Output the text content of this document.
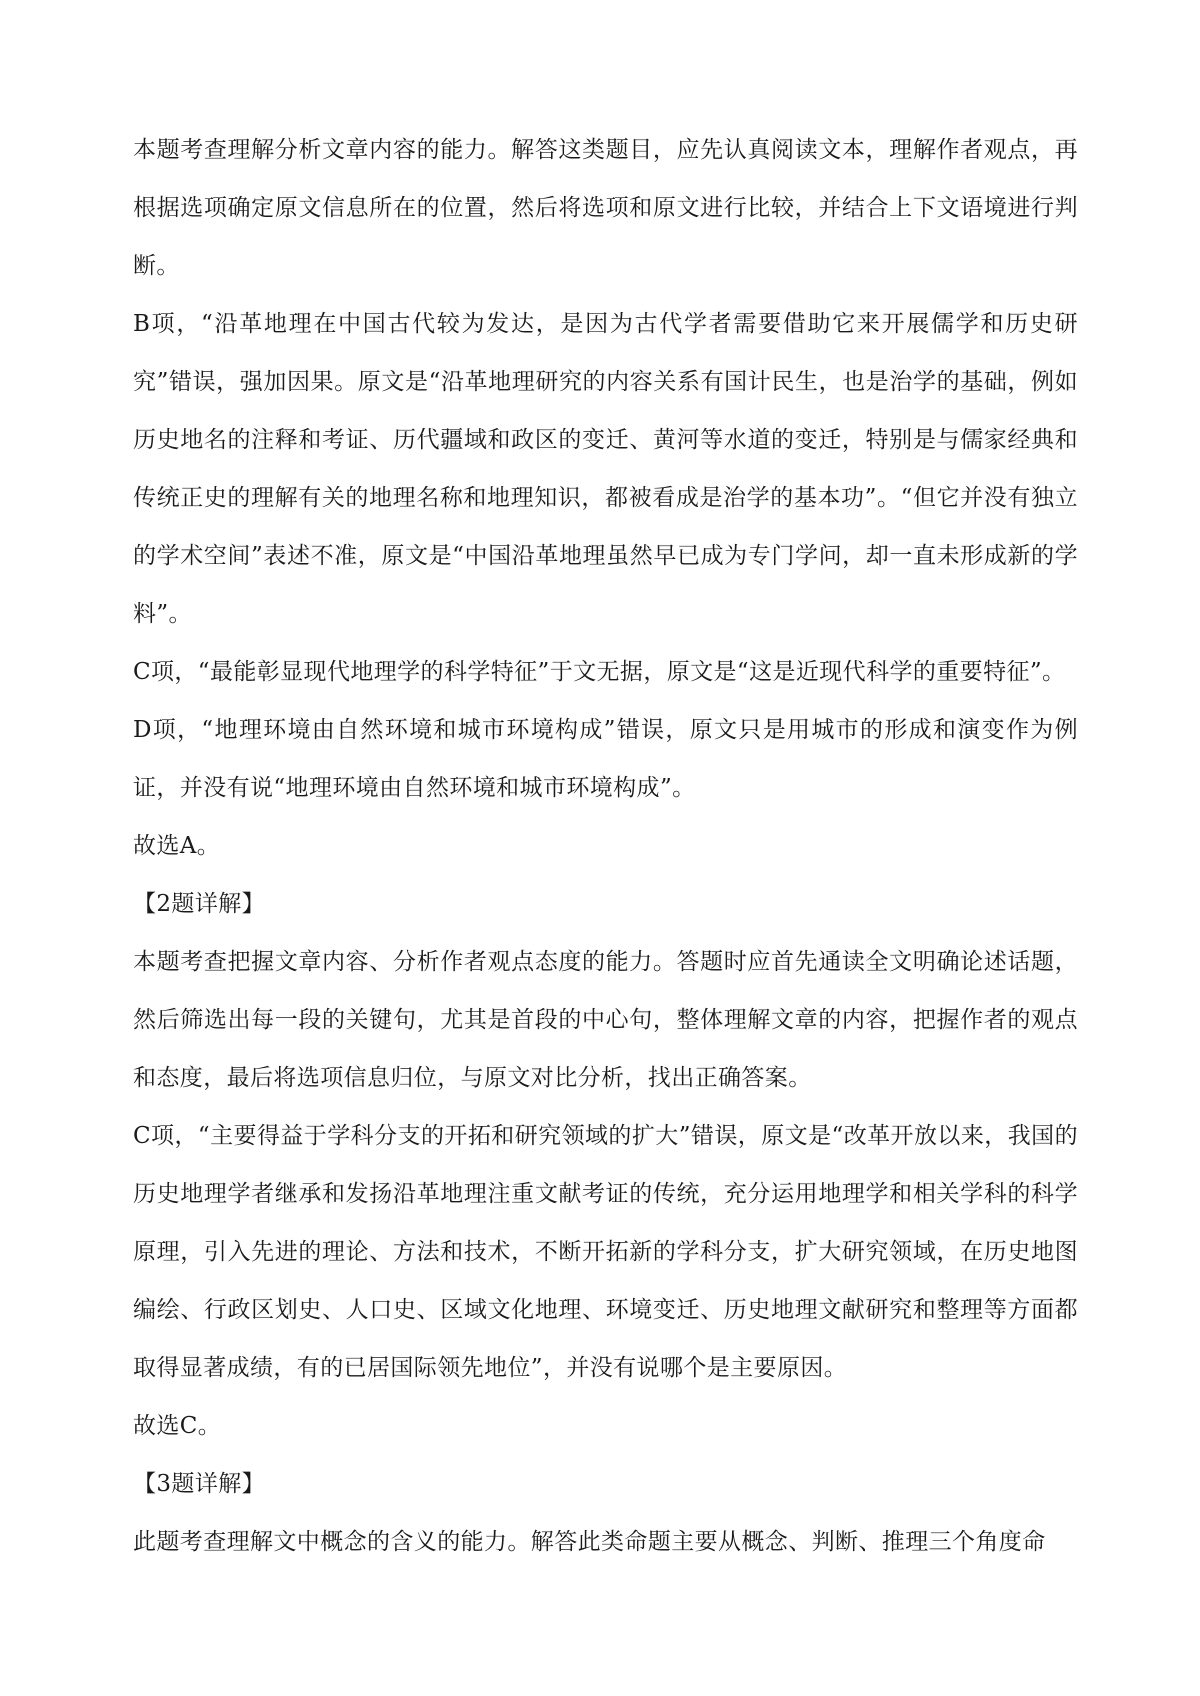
本题考查理解分析文章内容的能力。解答这类题目，应先认真阅读文本，理解作者观点，再根据选项确定原文信息所在的位置，然后将选项和原文进行比较，并结合上下文语境进行判断。

B项，“沿革地理在中国古代较为发达，是因为古代学者需要借助它来开展儒学和历史研究”错误，强加因果。原文是“沿革地理研究的内容关系有国计民生，也是治学的基础，例如历史地名的注释和考证、历代疆域和政区的变迁、黄河等水道的变迁，特别是与儒家经典和传统正史的理解有关的地理名称和地理知识，都被看成是治学的基本功”。“但它并没有独立的学术空间”表述不准，原文是“中国沿革地理虽然早已成为专门学问，却一直未形成新的学料”。

C项，“最能彰显现代地理学的科学特征”于文无据，原文是“这是近现代科学的重要特征”。

D项，“地理环境由自然环境和城市环境构成”错误，原文只是用城市的形成和演变作为例证，并没有说“地理环境由自然环境和城市环境构成”。

故选A。

【2题详解】

本题考查把握文章内容、分析作者观点态度的能力。答题时应首先通读全文明确论述话题，然后筛选出每一段的关键句，尤其是首段的中心句，整体理解文章的内容，把握作者的观点和态度，最后将选项信息归位，与原文对比分析，找出正确答案。

C项，“主要得益于学科分支的开拓和研究领域的扩大”错误，原文是“改革开放以来，我国的历史地理学者继承和发扬沿革地理注重文献考证的传统，充分运用地理学和相关学科的科学原理，引入先进的理论、方法和技术，不断开拓新的学科分支，扩大研究领域，在历史地图编绘、行政区划史、人口史、区域文化地理、环境变迁、历史地理文献研究和整理等方面都取得显著成绩，有的已居国际领先地位”，并没有说哪个是主要原因。

故选C。

【3题详解】

此题考查理解文中概念的含义的能力。解答此类命题主要从概念、判断、推理三个角度命
